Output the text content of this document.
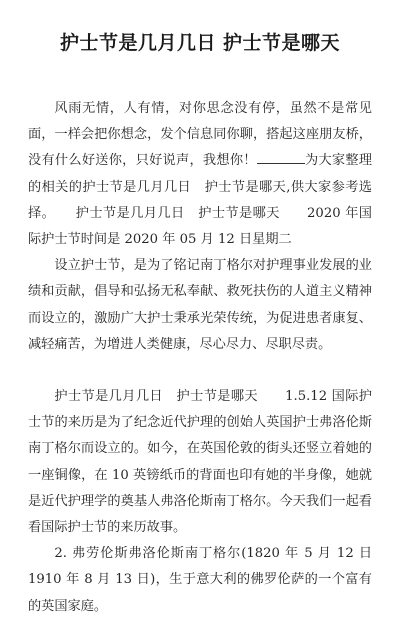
护士节是几月几日 护士节是哪天

风雨无情，人有情，对你思念没有停，虽然不是常见面，一样会把你想念，发个信息同你聊，搭起这座朋友桥，没有什么好送你，只好说声，我想你！	为大家整理的相关的护士节是几月几日　护士节是哪天,供大家参考选择。　　护士节是几月几日　护士节是哪天　　2020 年国际护士节时间是 2020 年 05 月 12 日星期二

设立护士节，是为了铭记南丁格尔对护理事业发展的业绩和贡献，倡导和弘扬无私奉献、救死扶伤的人道主义精神而设立的，激励广大护士秉承光荣传统，为促进患者康复、减轻痛苦，为增进人类健康，尽心尽力、尽职尽责。

护士节是几月几日　护士节是哪天　　1.5.12 国际护士节的来历是为了纪念近代护理的创始人英国护士弗洛伦斯南丁格尔而设立的。如今，在英国伦敦的街头还竖立着她的一座铜像，在 10 英镑纸币的背面也印有她的半身像，她就是近代护理学的奠基人弗洛伦斯南丁格尔。今天我们一起看看国际护士节的来历故事。

2. 弗劳伦斯弗洛伦斯南丁格尔(1820 年 5 月 12 日 1910 年 8 月 13 日)，生于意大利的佛罗伦萨的一个富有的英国家庭。
